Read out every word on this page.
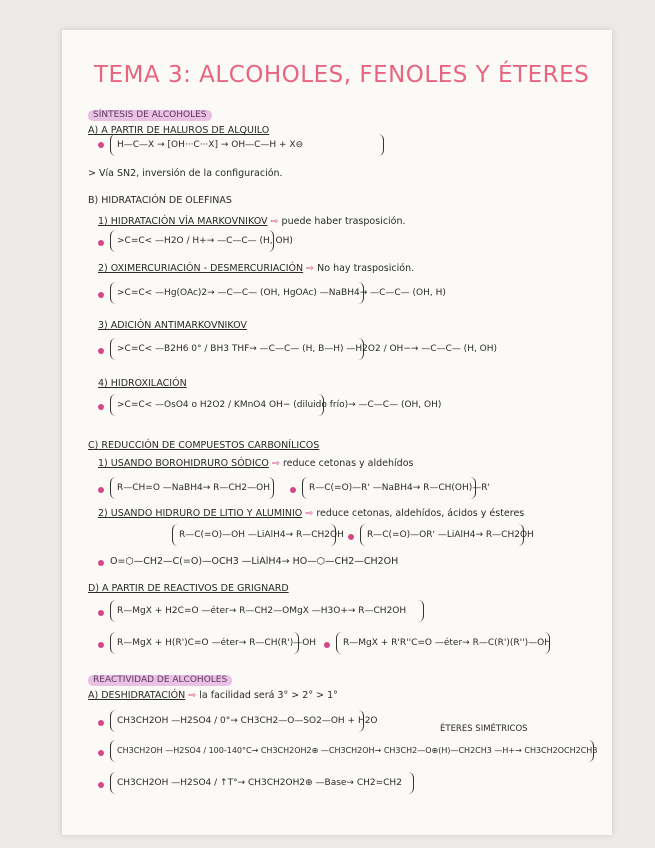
TEMA 3: ALCOHOLES, FENOLES Y ÉTERES
SÍNTESIS DE ALCOHOLES
A) A PARTIR DE HALUROS DE ALQUILO
H—C—X → [OH···C···X] → OH—C—H + X⊖
> Vía SN2, inversión de la configuración.
B) HIDRATACIÓN DE OLEFINAS
1) HIDRATACIÓN VÍA MARKOVNIKOV ⇨ puede haber trasposición.
>C=C< —H2O / H+→ —C—C— (H, OH)
2) OXIMERCURIACIÓN - DESMERCURIACIÓN ⇨ No hay trasposición.
>C=C< —Hg(OAc)2→ —C—C— (OH, HgOAc) —NaBH4→ —C—C— (OH, H)
3) ADICIÓN ANTIMARKOVNIKOV
>C=C< —B2H6 0° / BH3 THF→ —C—C— (H, B—H) —H2O2 / OH−→ —C—C— (H, OH)
4) HIDROXILACIÓN
>C=C< —OsO4 o H2O2 / KMnO4 OH− (diluido frío)→ —C—C— (OH, OH)
C) REDUCCIÓN DE COMPUESTOS CARBONÍLICOS
1) USANDO BOROHIDRURO SÓDICO ⇨ reduce cetonas y aldehídos
R—CH=O —NaBH4→ R—CH2—OH	R—C(=O)—R' —NaBH4→ R—CH(OH)—R'
2) USANDO HIDRURO DE LITIO Y ALUMINIO ⇨ reduce cetonas, aldehídos, ácidos y ésteres
R—C(=O)—OH —LiAlH4→ R—CH2OH	R—C(=O)—OR' —LiAlH4→ R—CH2OH
O=⬡—CH2—C(=O)—OCH3 —LiAlH4→ HO—⬡—CH2—CH2OH
D) A PARTIR DE REACTIVOS DE GRIGNARD
R—MgX + H2C=O —éter→ R—CH2—OMgX —H3O+→ R—CH2OH
R—MgX + H(R')C=O —éter→ R—CH(R')—OH	R—MgX + R'R''C=O —éter→ R—C(R')(R'')—OH
REACTIVIDAD DE ALCOHOLES
A) DESHIDRATACIÓN ⇨ la facilidad será 3° > 2° > 1°
CH3CH2OH —H2SO4 / 0°→ CH3CH2—O—SO2—OH + H2O
ÉTERES SIMÉTRICOS
CH3CH2OH —H2SO4 / 100-140°C→ CH3CH2OH2⊕ —CH3CH2OH→ CH3CH2—O⊕(H)—CH2CH3 —H+→ CH3CH2OCH2CH3
CH3CH2OH —H2SO4 / ↑T°→ CH3CH2OH2⊕ —Base→ CH2=CH2
